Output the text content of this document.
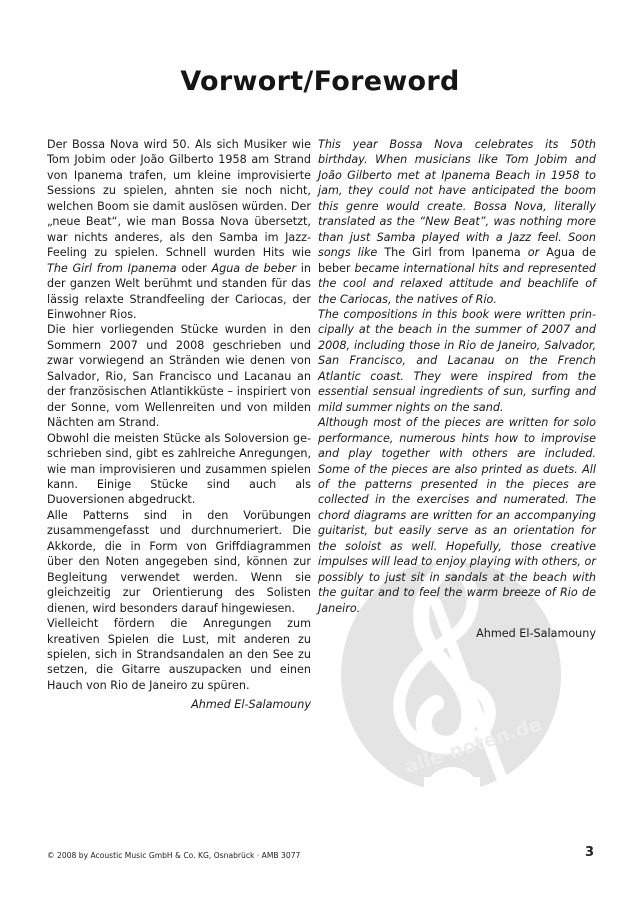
Vorwort/Foreword
alle-noten.de

Der Bossa Nova wird 50. Als sich Musiker wie Tom Jobim oder João Gilberto 1958 am Strand von Ipanema trafen, um kleine improvisierte Sessions zu spielen, ahnten sie noch nicht, welchen Boom sie damit auslösen würden. Der „neue Beat“, wie man Bossa Nova übersetzt, war nichts anderes, als den Samba im Jazz-Feeling zu spielen. Schnell wurden Hits wie The Girl from Ipanema oder Agua de beber in der ganzen Welt berühmt und standen für das lässig relaxte Strandfeeling der Cariocas, der Einwohner Rios.

Die hier vorliegenden Stücke wurden in den Sommern 2007 und 2008 geschrieben und zwar vorwiegend an Stränden wie denen von Salvador, Rio, San Francisco und Lacanau an der französischen Atlantikküste – inspiriert von der Sonne, vom Wellenreiten und von milden Nächten am Strand.

Obwohl die meisten Stücke als Soloversion geschrieben sind, gibt es zahlreiche Anregungen, wie man improvisieren und zusammen spielen kann. Einige Stücke sind auch als Duoversionen abgedruckt.

Alle Patterns sind in den Vorübungen zusammengefasst und durchnumeriert. Die Akkorde, die in Form von Griffdiagrammen über den Noten angegeben sind, können zur Begleitung verwendet werden. Wenn sie gleichzeitig zur Orientierung des Solisten dienen, wird besonders darauf hingewiesen.

Vielleicht fördern die Anregungen zum kreativen Spielen die Lust, mit anderen zu spielen, sich in Strandsandalen an den See zu setzen, die Gitarre auszupacken und einen Hauch von Rio de Janeiro zu spüren.

Ahmed El-Salamouny

This year Bossa Nova celebrates its 50th birthday. When musicians like Tom Jobim and João Gilberto met at Ipanema Beach in 1958 to jam, they could not have anticipated the boom this genre would create. Bossa Nova, literally translated as the “New Beat”, was nothing more than just Samba played with a Jazz feel. Soon songs like The Girl from Ipanema or Agua de beber became international hits and represented the cool and relaxed attitude and beachlife of the Cariocas, the natives of Rio.

The compositions in this book were written principally at the beach in the summer of 2007 and 2008, including those in Rio de Janeiro, Salvador, San Francisco, and Lacanau on the French Atlantic coast. They were inspired from the essential sensual ingredients of sun, surfing and mild summer nights on the sand.

Although most of the pieces are written for solo performance, numerous hints how to improvise and play together with others are included. Some of the pieces are also printed as duets. All of the patterns presented in the pieces are collected in the exercises and numerated. The chord diagrams are written for an accompanying guitarist, but easily serve as an orientation for the soloist as well. Hopefully, those creative impulses will lead to enjoy playing with others, or possibly to just sit in sandals at the beach with the guitar and to feel the warm breeze of Rio de Janeiro.

Ahmed El-Salamouny

© 2008 by Acoustic Music GmbH & Co. KG, Osnabrück · AMB 3077	3
